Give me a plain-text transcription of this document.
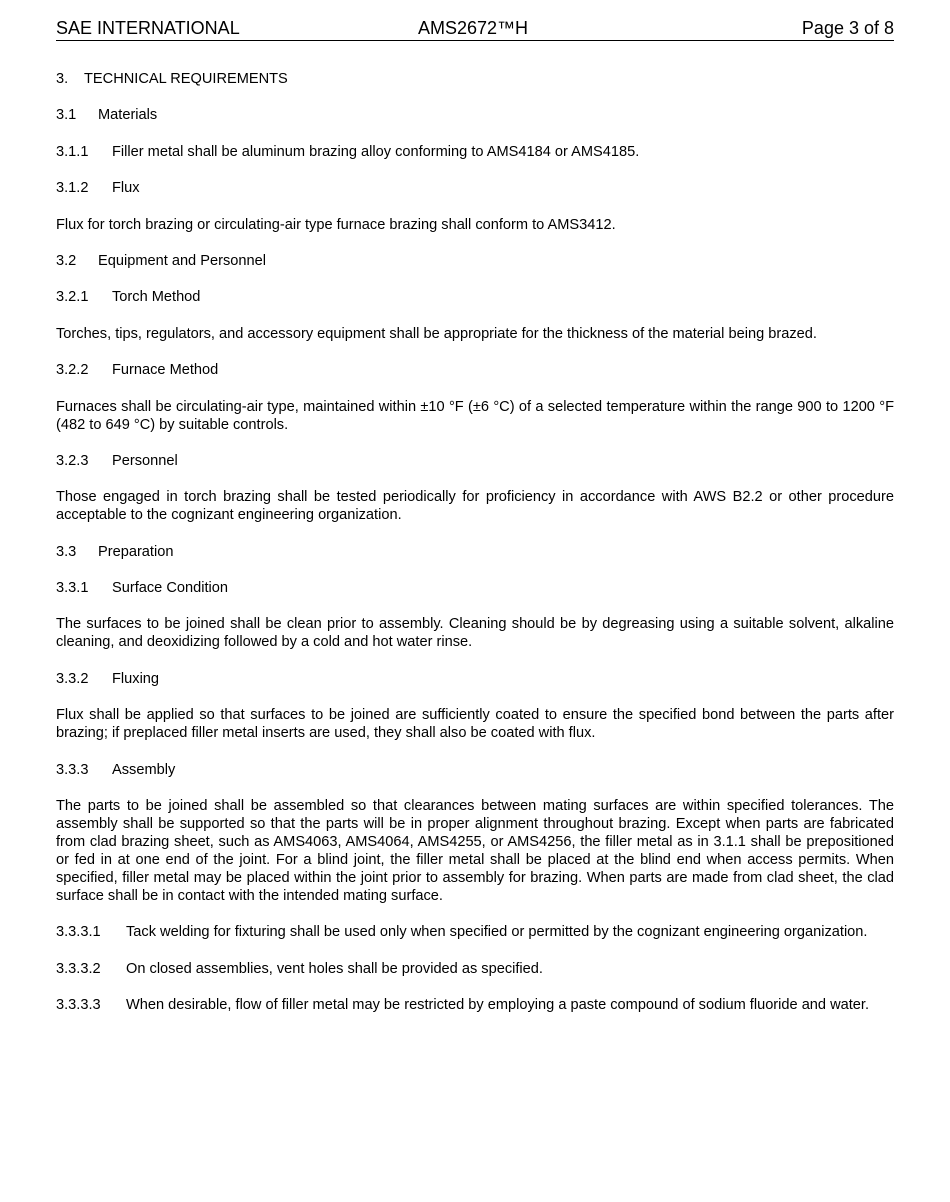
SAE INTERNATIONAL	AMS2672™H	Page 3 of 8

3. TECHNICAL REQUIREMENTS

3.1 Materials

3.1.1 Filler metal shall be aluminum brazing alloy conforming to AMS4184 or AMS4185.

3.1.2 Flux

Flux for torch brazing or circulating-air type furnace brazing shall conform to AMS3412.

3.2 Equipment and Personnel

3.2.1 Torch Method

Torches, tips, regulators, and accessory equipment shall be appropriate for the thickness of the material being brazed.

3.2.2 Furnace Method

Furnaces shall be circulating-air type, maintained within ±10 °F (±6 °C) of a selected temperature within the range 900 to 1200 °F (482 to 649 °C) by suitable controls.

3.2.3 Personnel

Those engaged in torch brazing shall be tested periodically for proficiency in accordance with AWS B2.2 or other procedure acceptable to the cognizant engineering organization.

3.3 Preparation

3.3.1 Surface Condition

The surfaces to be joined shall be clean prior to assembly. Cleaning should be by degreasing using a suitable solvent, alkaline cleaning, and deoxidizing followed by a cold and hot water rinse.

3.3.2 Fluxing

Flux shall be applied so that surfaces to be joined are sufficiently coated to ensure the specified bond between the parts after brazing; if preplaced filler metal inserts are used, they shall also be coated with flux.

3.3.3 Assembly

The parts to be joined shall be assembled so that clearances between mating surfaces are within specified tolerances. The assembly shall be supported so that the parts will be in proper alignment throughout brazing. Except when parts are fabricated from clad brazing sheet, such as AMS4063, AMS4064, AMS4255, or AMS4256, the filler metal as in 3.1.1 shall be prepositioned or fed in at one end of the joint. For a blind joint, the filler metal shall be placed at the blind end when access permits. When specified, filler metal may be placed within the joint prior to assembly for brazing. When parts are made from clad sheet, the clad surface shall be in contact with the intended mating surface.

3.3.3.1	Tack welding for fixturing shall be used only when specified or permitted by the cognizant engineering organization.
3.3.3.2	On closed assemblies, vent holes shall be provided as specified.
3.3.3.3	When desirable, flow of filler metal may be restricted by employing a paste compound of sodium fluoride and water.
